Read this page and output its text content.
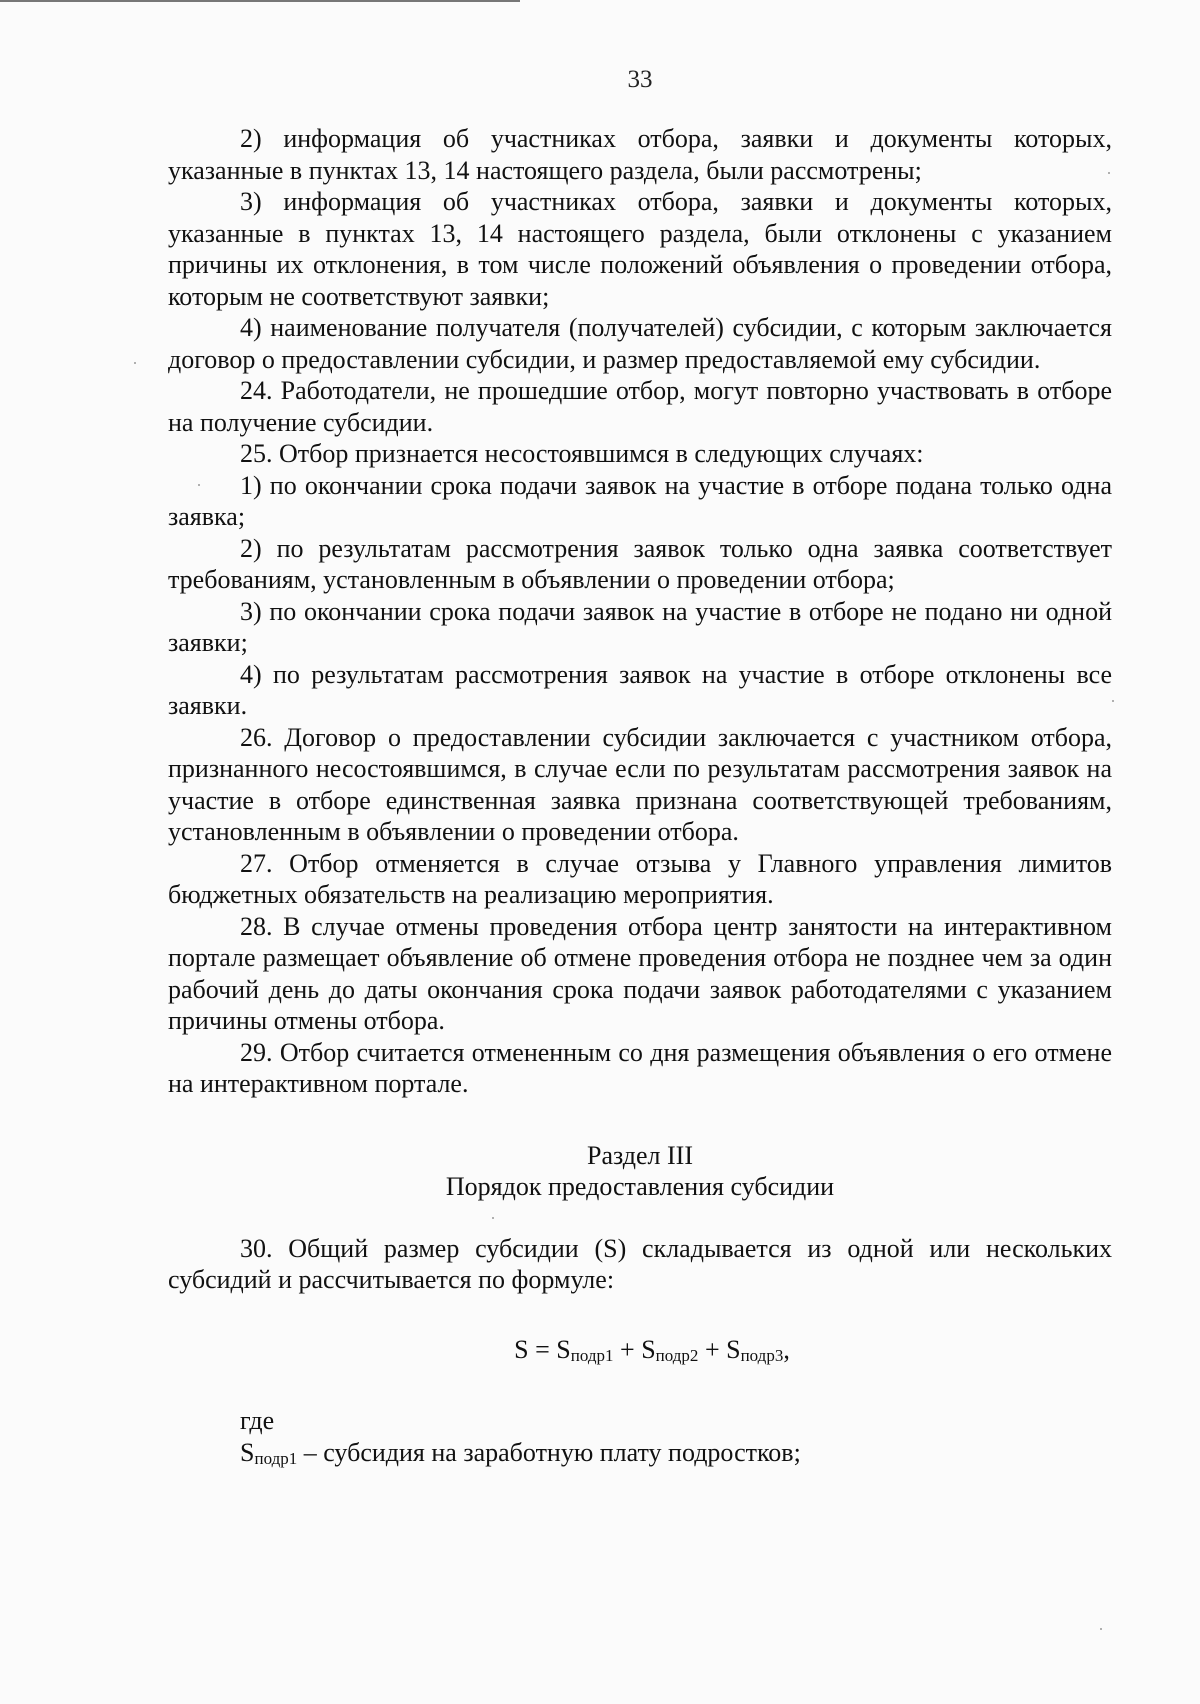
33

2) информация об участниках отбора, заявки и документы которых, указанные в пунктах 13, 14 настоящего раздела, были рассмотрены;

3) информация об участниках отбора, заявки и документы которых, указанные в пунктах 13, 14 настоящего раздела, были отклонены с указанием причины их отклонения, в том числе положений объявления о проведении отбора, которым не соответствуют заявки;

4) наименование получателя (получателей) субсидии, с которым заключается договор о предоставлении субсидии, и размер предоставляемой ему субсидии.

24. Работодатели, не прошедшие отбор, могут повторно участвовать в отборе на получение субсидии.

25. Отбор признается несостоявшимся в следующих случаях:

1) по окончании срока подачи заявок на участие в отборе подана только одна заявка;

2) по результатам рассмотрения заявок только одна заявка соответствует требованиям, установленным в объявлении о проведении отбора;

3) по окончании срока подачи заявок на участие в отборе не подано ни одной заявки;

4) по результатам рассмотрения заявок на участие в отборе отклонены все заявки.

26. Договор о предоставлении субсидии заключается с участником отбора, признанного несостоявшимся, в случае если по результатам рассмотрения заявок на участие в отборе единственная заявка признана соответствующей требованиям, установленным в объявлении о проведении отбора.

27. Отбор отменяется в случае отзыва у Главного управления лимитов бюджетных обязательств на реализацию мероприятия.

28. В случае отмены проведения отбора центр занятости на интерактивном портале размещает объявление об отмене проведения отбора не позднее чем за один рабочий день до даты окончания срока подачи заявок работодателями с указанием причины отмены отбора.

29. Отбор считается отмененным со дня размещения объявления о его отмене на интерактивном портале.

Раздел III
Порядок предоставления субсидии

30. Общий размер субсидии (S) складывается из одной или нескольких субсидий и рассчитывается по формуле:

$S = S_{подр1} + S_{подр2} + S_{подр3}$,
где
$S_{подр1}$ – субсидия на заработную плату подростков;
